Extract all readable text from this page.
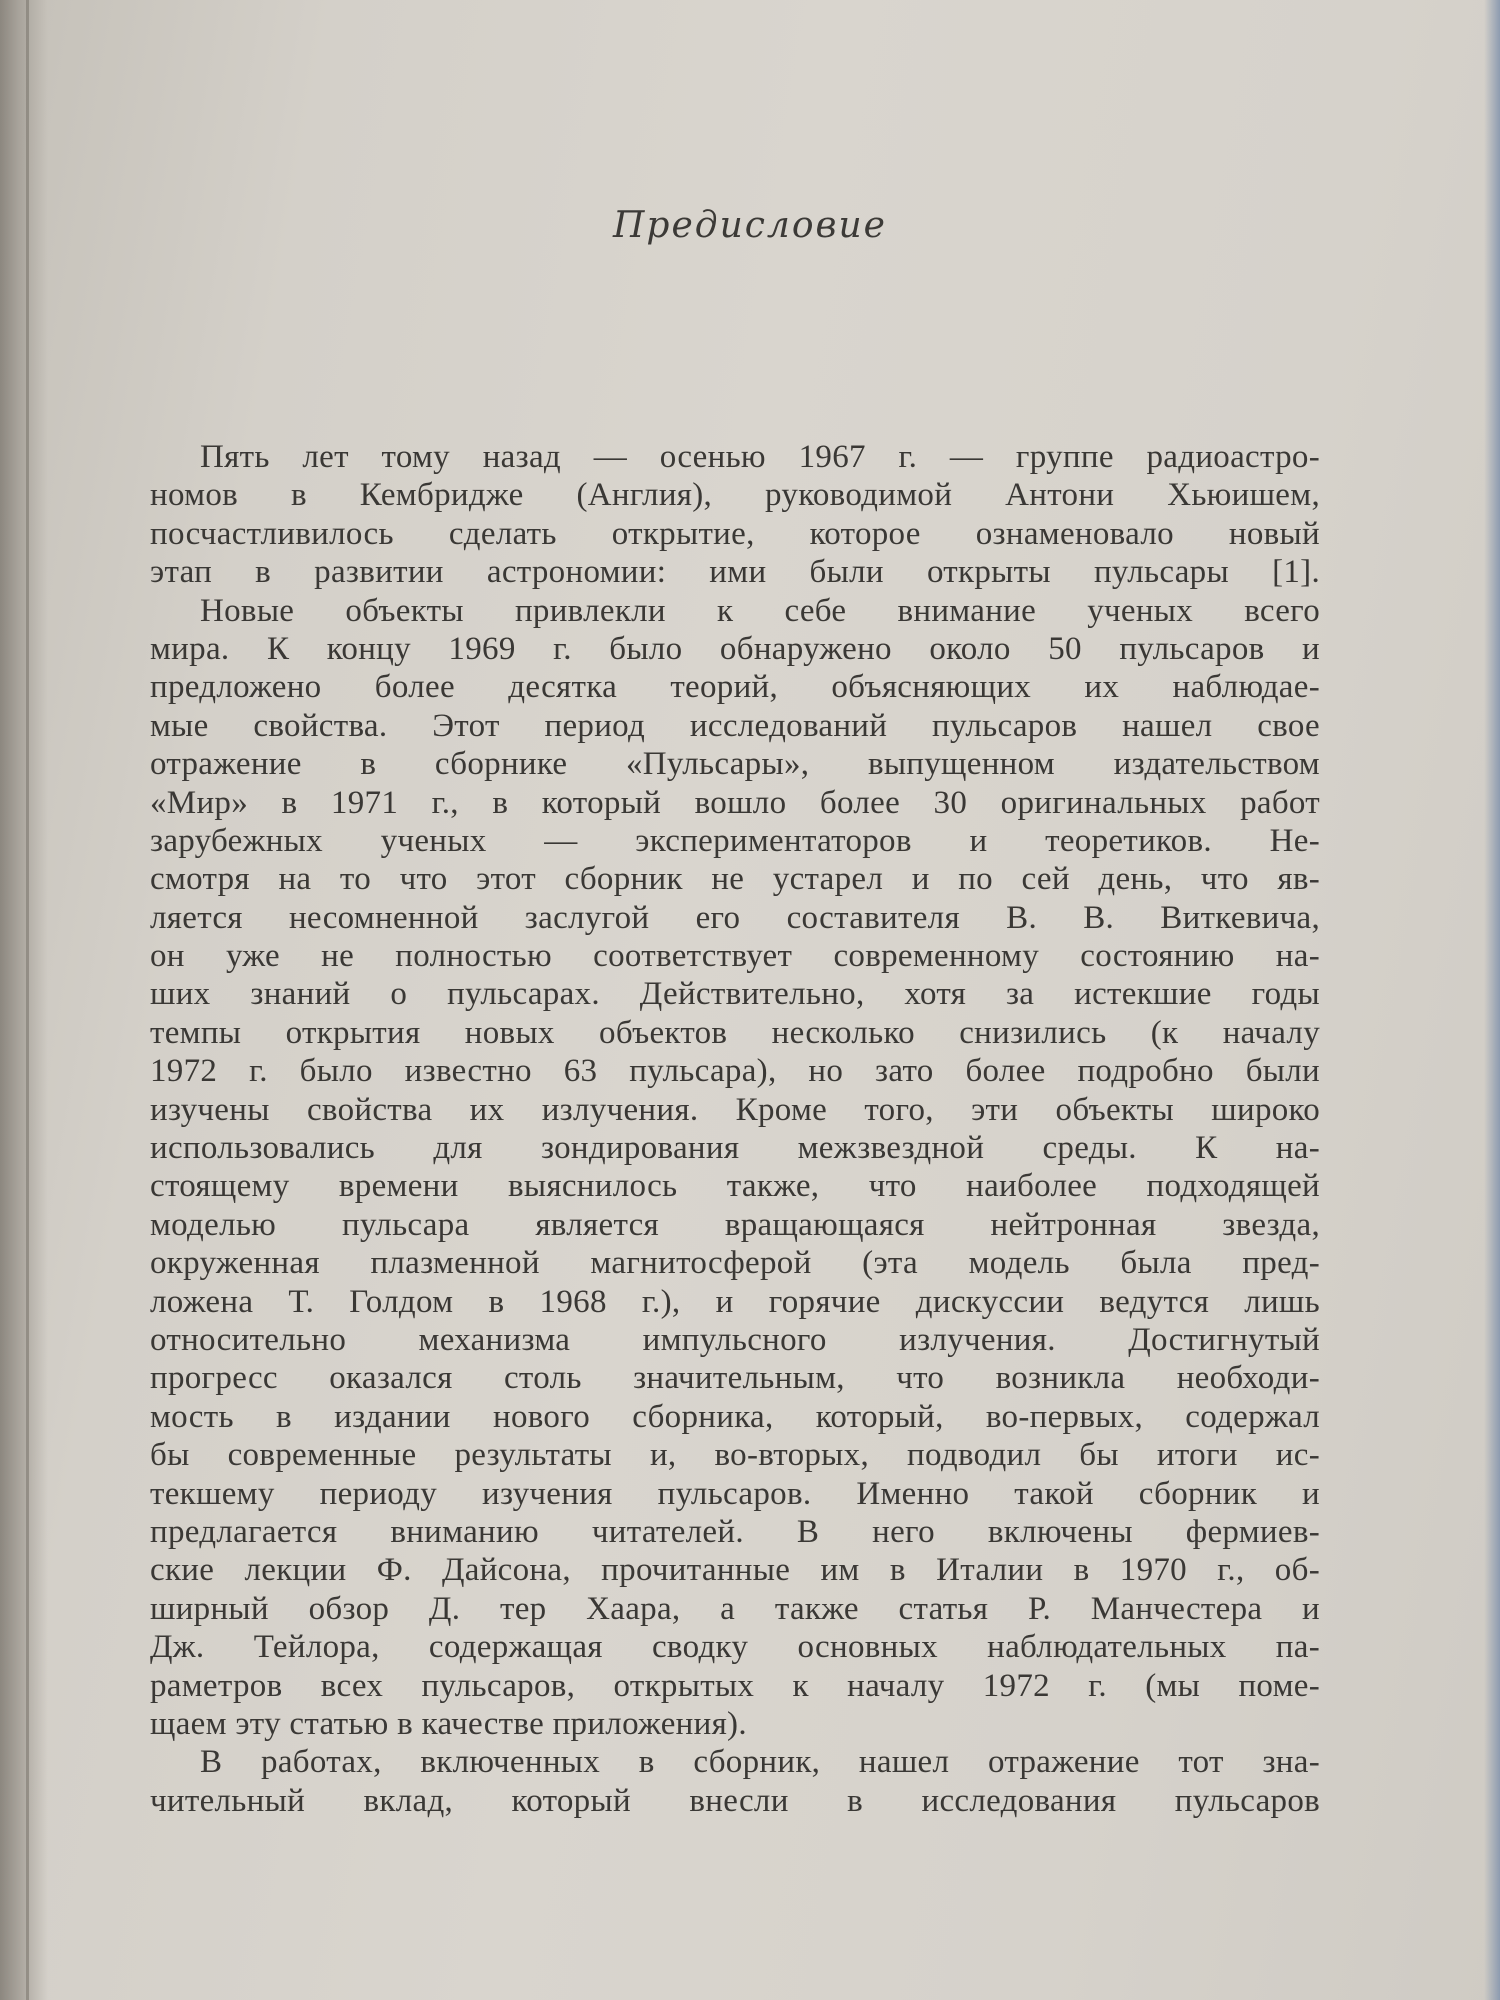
Предисловие
Пять лет тому назад — осенью 1967 г. — группе радиоастро-
номов в Кембридже (Англия), руководимой Антони Хьюишем,
посчастливилось сделать открытие, которое ознаменовало новый
этап в развитии астрономии: ими были открыты пульсары [1].
Новые объекты привлекли к себе внимание ученых всего
мира. К концу 1969 г. было обнаружено около 50 пульсаров и
предложено более десятка теорий, объясняющих их наблюдае-
мые свойства. Этот период исследований пульсаров нашел свое
отражение в сборнике «Пульсары», выпущенном издательством
«Мир» в 1971 г., в который вошло более 30 оригинальных работ
зарубежных ученых — экспериментаторов и теоретиков. Не-
смотря на то что этот сборник не устарел и по сей день, что яв-
ляется несомненной заслугой его составителя В. В. Виткевича,
он уже не полностью соответствует современному состоянию на-
ших знаний о пульсарах. Действительно, хотя за истекшие годы
темпы открытия новых объектов несколько снизились (к началу
1972 г. было известно 63 пульсара), но зато более подробно были
изучены свойства их излучения. Кроме того, эти объекты широко
использовались для зондирования межзвездной среды. К на-
стоящему времени выяснилось также, что наиболее подходящей
моделью пульсара является вращающаяся нейтронная звезда,
окруженная плазменной магнитосферой (эта модель была пред-
ложена Т. Голдом в 1968 г.), и горячие дискуссии ведутся лишь
относительно механизма импульсного излучения. Достигнутый
прогресс оказался столь значительным, что возникла необходи-
мость в издании нового сборника, который, во-первых, содержал
бы современные результаты и, во-вторых, подводил бы итоги ис-
текшему периоду изучения пульсаров. Именно такой сборник и
предлагается вниманию читателей. В него включены фермиев-
ские лекции Ф. Дайсона, прочитанные им в Италии в 1970 г., об-
ширный обзор Д. тер Хаара, а также статья Р. Манчестера и
Дж. Тейлора, содержащая сводку основных наблюдательных па-
раметров всех пульсаров, открытых к началу 1972 г. (мы поме-
щаем эту статью в качестве приложения).
В работах, включенных в сборник, нашел отражение тот зна-
чительный вклад, который внесли в исследования пульсаров
